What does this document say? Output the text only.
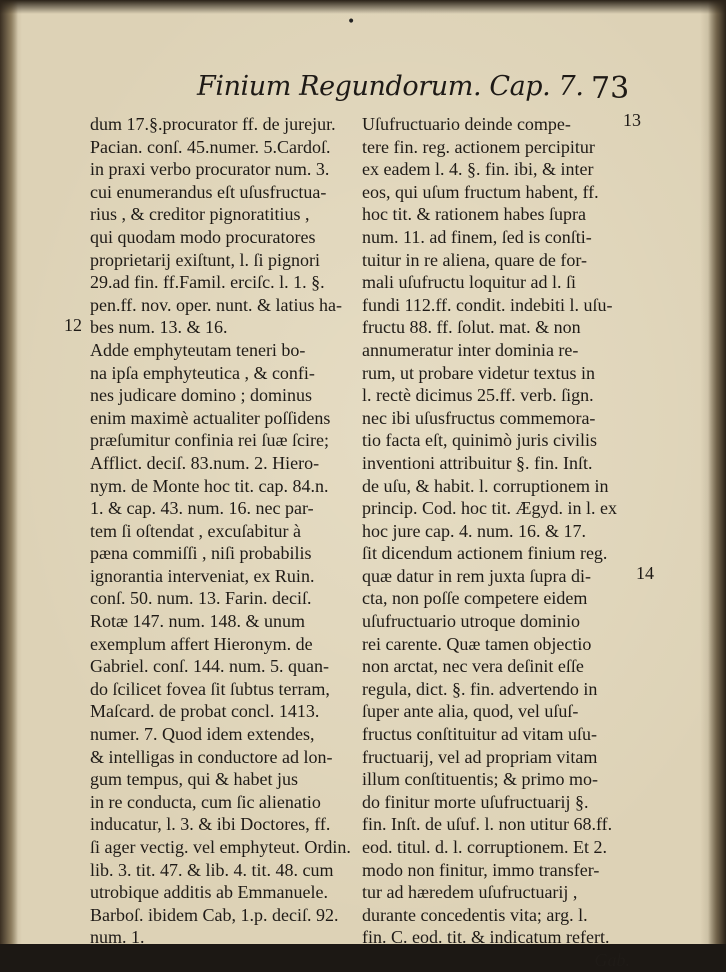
•
Finium Regundorum. Cap. 7. 73
dum 17.§.procurator ff. de jurejur.
Pacian. conſ. 45.numer. 5.Cardoſ.
in praxi verbo procurator num. 3.
cui enumerandus eſt uſusfructua-
rius , & creditor pignoratitius ,
qui quodam modo procuratores
proprietarij exiſtunt, l. ſi pignori
29.ad fin. ff.Famil. erciſc. l. 1. §.
pen.ff. nov. oper. nunt. & latius ha-
bes num. 13. & 16.
Adde emphyteutam teneri bo-
na ipſa emphyteutica , & confi-
nes judicare domino ; dominus
enim maximè actualiter poſſidens
præſumitur confinia rei ſuæ ſcire;
Afflict. deciſ. 83.num. 2. Hiero-
nym. de Monte hoc tit. cap. 84.n.
1. & cap. 43. num. 16. nec par-
tem ſi oſtendat , excuſabitur à
pæna commiſſi , niſi probabilis
ignorantia interveniat, ex Ruin.
conſ. 50. num. 13. Farin. deciſ.
Rotæ 147. num. 148. & unum
exemplum affert Hieronym. de
Gabriel. conſ. 144. num. 5. quan-
do ſcilicet fovea ſit ſubtus terram,
Maſcard. de probat concl. 1413.
numer. 7. Quod idem extendes,
& intelligas in conductore ad lon-
gum tempus, qui & habet jus
in re conducta, cum ſic alienatio
inducatur, l. 3. & ibi Doctores, ff.
ſi ager vectig. vel emphyteut. Ordin.
lib. 3. tit. 47. & lib. 4. tit. 48. cum
utrobique additis ab Emmanuele.
Barboſ. ibidem Cab, 1.p. deciſ. 92.
num. 1.
Uſufructuario deinde compe-
tere fin. reg. actionem percipitur
ex eadem l. 4. §. fin. ibi, & inter
eos, qui uſum fructum habent, ff.
hoc tit. & rationem habes ſupra
num. 11. ad finem, ſed is conſti-
tuitur in re aliena, quare de for-
mali uſufructu loquitur ad l. ſi
fundi 112.ff. condit. indebiti l. uſu-
fructu 88. ff. ſolut. mat. & non
annumeratur inter dominia re-
rum, ut probare videtur textus in
l. rectè dicimus 25.ff. verb. ſign.
nec ibi uſusfructus commemora-
tio facta eſt, quinimò juris civilis
inventioni attribuitur §. fin. Inſt.
de uſu, & habit. l. corruptionem in
princip. Cod. hoc tit. Ægyd. in l. ex
hoc jure cap. 4. num. 16. & 17.
ſit dicendum actionem finium reg.
quæ datur in rem juxta ſupra di-
cta, non poſſe competere eidem
uſufructuario utroque dominio
rei carente. Quæ tamen objectio
non arctat, nec vera deſinit eſſe
regula, dict. §. fin. advertendo in
ſuper ante alia, quod, vel uſuſ-
fructus conſtituitur ad vitam uſu-
fructuarij, vel ad propriam vitam
illum conſtituentis; & primo mo-
do finitur morte uſufructuarij §.
fin. Inſt. de uſuf. l. non utitur 68.ff.
eod. titul. d. l. corruptionem. Et 2.
modo non finitur, immo transfer-
tur ad hæredem uſufructuarij ,
durante concedentis vita; arg. l.
fin. C. eod. tit. & indicatum refert.
Gab.
12
13
14
